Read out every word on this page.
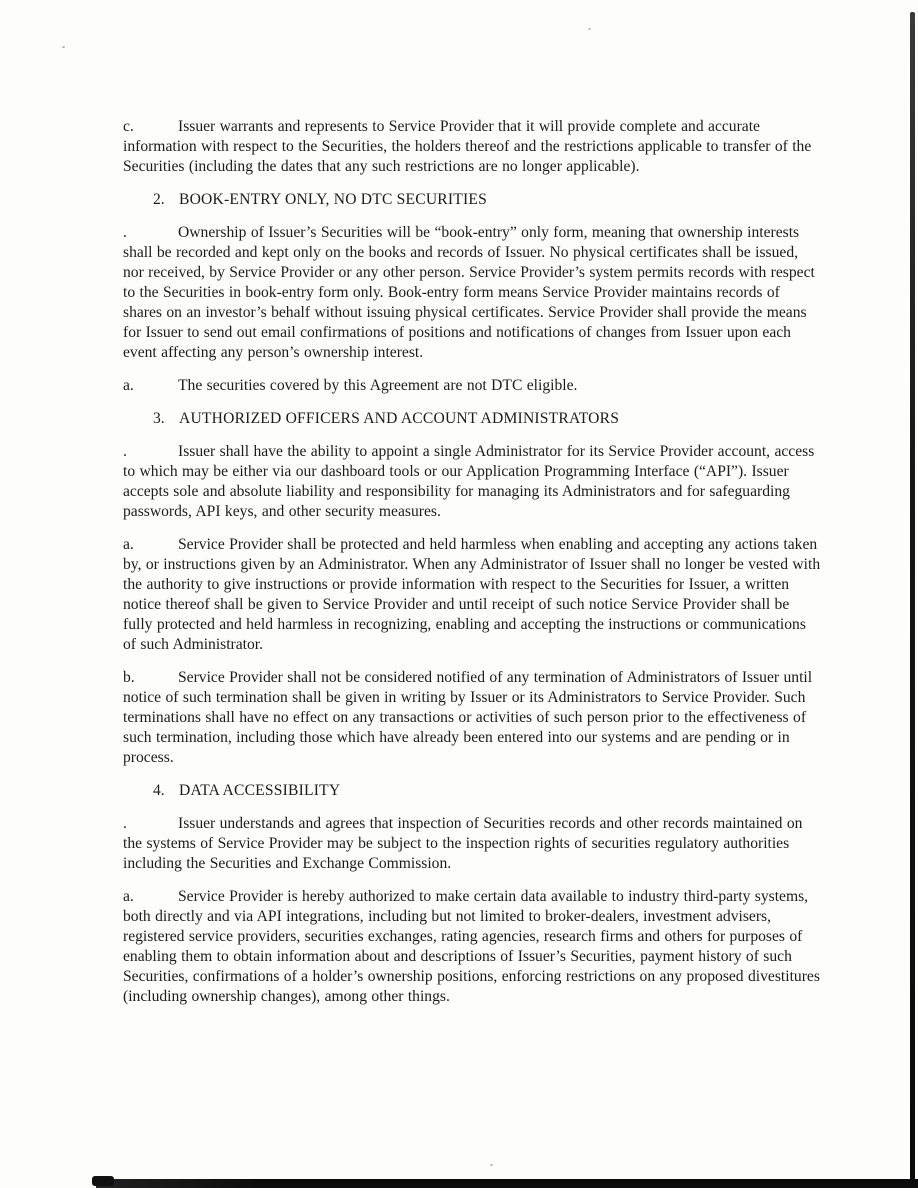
c.	Issuer warrants and represents to Service Provider that it will provide complete and accurate information with respect to the Securities, the holders thereof and the restrictions applicable to transfer of the Securities (including the dates that any such restrictions are no longer applicable).
2. BOOK-ENTRY ONLY, NO DTC SECURITIES
.	Ownership of Issuer’s Securities will be “book-entry” only form, meaning that ownership interests shall be recorded and kept only on the books and records of Issuer. No physical certificates shall be issued, nor received, by Service Provider or any other person. Service Provider’s system permits records with respect to the Securities in book-entry form only. Book-entry form means Service Provider maintains records of shares on an investor’s behalf without issuing physical certificates. Service Provider shall provide the means for Issuer to send out email confirmations of positions and notifications of changes from Issuer upon each event affecting any person’s ownership interest.
a.	The securities covered by this Agreement are not DTC eligible.
3. AUTHORIZED OFFICERS AND ACCOUNT ADMINISTRATORS
.	Issuer shall have the ability to appoint a single Administrator for its Service Provider account, access to which may be either via our dashboard tools or our Application Programming Interface (“API”). Issuer accepts sole and absolute liability and responsibility for managing its Administrators and for safeguarding passwords, API keys, and other security measures.
a.	Service Provider shall be protected and held harmless when enabling and accepting any actions taken by, or instructions given by an Administrator. When any Administrator of Issuer shall no longer be vested with the authority to give instructions or provide information with respect to the Securities for Issuer, a written notice thereof shall be given to Service Provider and until receipt of such notice Service Provider shall be fully protected and held harmless in recognizing, enabling and accepting the instructions or communications of such Administrator.
b.	Service Provider shall not be considered notified of any termination of Administrators of Issuer until notice of such termination shall be given in writing by Issuer or its Administrators to Service Provider. Such terminations shall have no effect on any transactions or activities of such person prior to the effectiveness of such termination, including those which have already been entered into our systems and are pending or in process.
4. DATA ACCESSIBILITY
.	Issuer understands and agrees that inspection of Securities records and other records maintained on the systems of Service Provider may be subject to the inspection rights of securities regulatory authorities including the Securities and Exchange Commission.
a.	Service Provider is hereby authorized to make certain data available to industry third-party systems, both directly and via API integrations, including but not limited to broker-dealers, investment advisers, registered service providers, securities exchanges, rating agencies, research firms and others for purposes of enabling them to obtain information about and descriptions of Issuer’s Securities, payment history of such Securities, confirmations of a holder’s ownership positions, enforcing restrictions on any proposed divestitures (including ownership changes), among other things.
